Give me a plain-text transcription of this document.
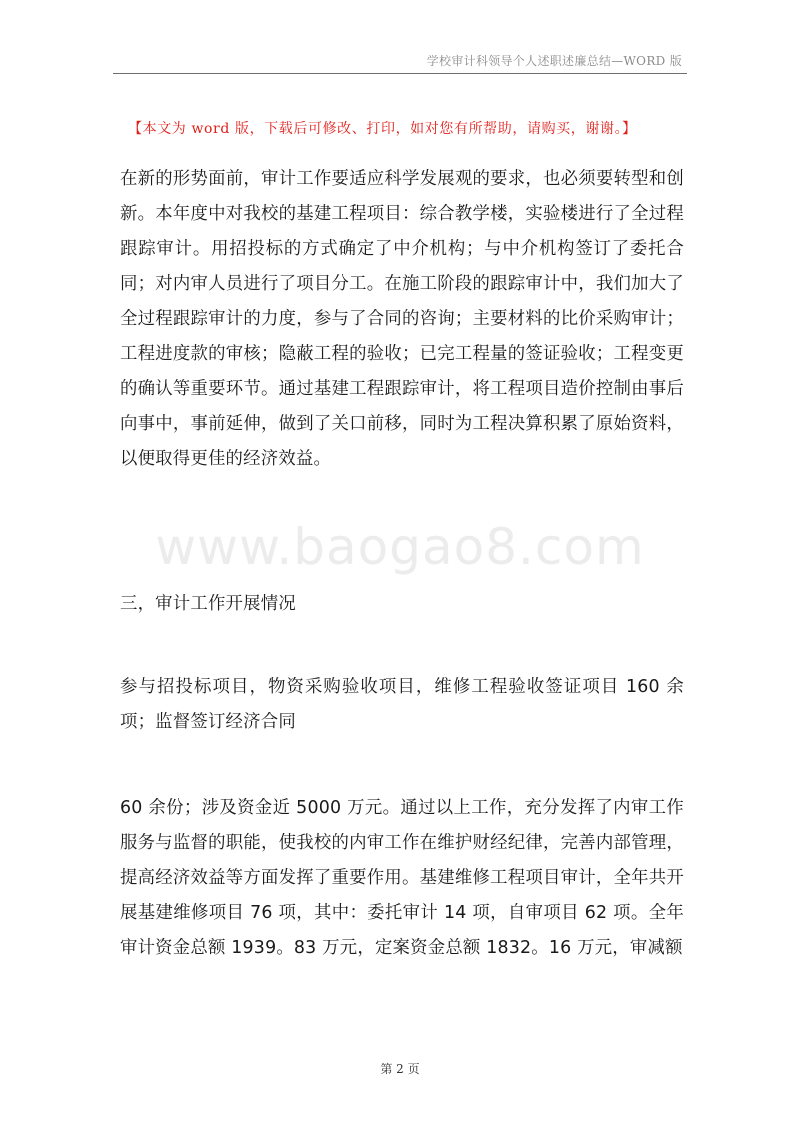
学校审计科领导个人述职述廉总结—WORD 版
【本文为 word 版，下载后可修改、打印，如对您有所帮助，请购买，谢谢。】
在新的形势面前，审计工作要适应科学发展观的要求，也必须要转型和创新。本年度中对我校的基建工程项目：综合教学楼，实验楼进行了全过程跟踪审计。用招投标的方式确定了中介机构；与中介机构签订了委托合同；对内审人员进行了项目分工。在施工阶段的跟踪审计中，我们加大了全过程跟踪审计的力度，参与了合同的咨询；主要材料的比价采购审计；工程进度款的审核；隐蔽工程的验收；已完工程量的签证验收；工程变更的确认等重要环节。通过基建工程跟踪审计，将工程项目造价控制由事后向事中，事前延伸，做到了关口前移，同时为工程决算积累了原始资料，以便取得更佳的经济效益。
www.baogao8.com
三，审计工作开展情况
参与招投标项目，物资采购验收项目，维修工程验收签证项目 160 余项；监督签订经济合同
60 余份；涉及资金近 5000 万元。通过以上工作，充分发挥了内审工作服务与监督的职能，使我校的内审工作在维护财经纪律，完善内部管理，提高经济效益等方面发挥了重要作用。基建维修工程项目审计，全年共开展基建维修项目 76 项，其中：委托审计 14 项，自审项目 62 项。全年审计资金总额 1939。83 万元，定案资金总额 1832。16 万元，审减额
第 2 页
